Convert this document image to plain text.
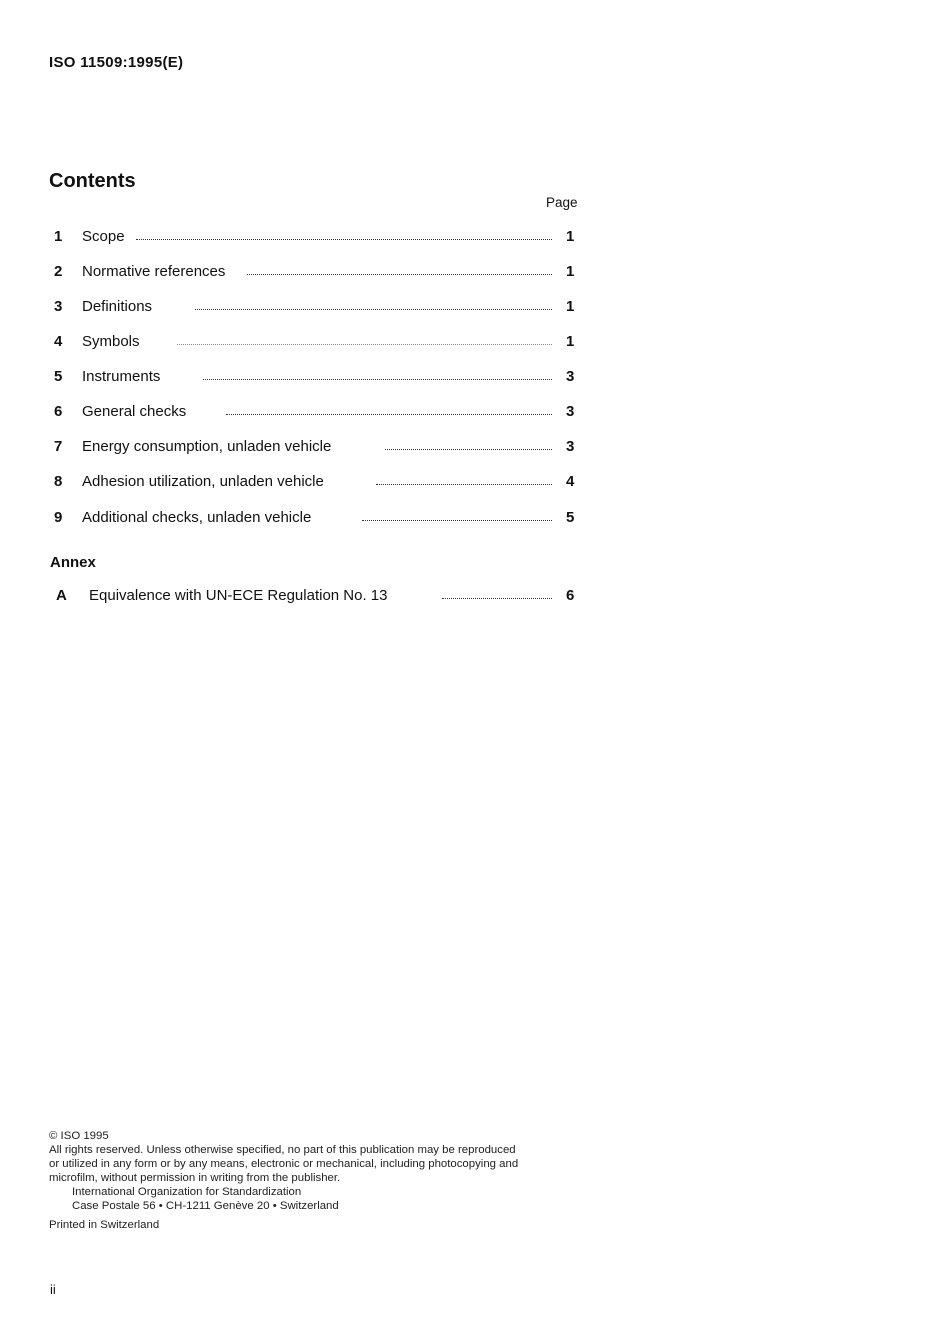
ISO 11509:1995(E)
Contents
Page
1 Scope	1
2 Normative references	1
3 Definitions	1
4 Symbols	1
5 Instruments	3
6 General checks	3
7 Energy consumption, unladen vehicle	3
8 Adhesion utilization, unladen vehicle	4
9 Additional checks, unladen vehicle	5
Annex
A Equivalence with UN-ECE Regulation No. 13	6
© ISO 1995
All rights reserved. Unless otherwise specified, no part of this publication may be reproduced
or utilized in any form or by any means, electronic or mechanical, including photocopying and
microfilm, without permission in writing from the publisher.
International Organization for Standardization
Case Postale 56 • CH-1211 Genève 20 • Switzerland
Printed in Switzerland
ii
